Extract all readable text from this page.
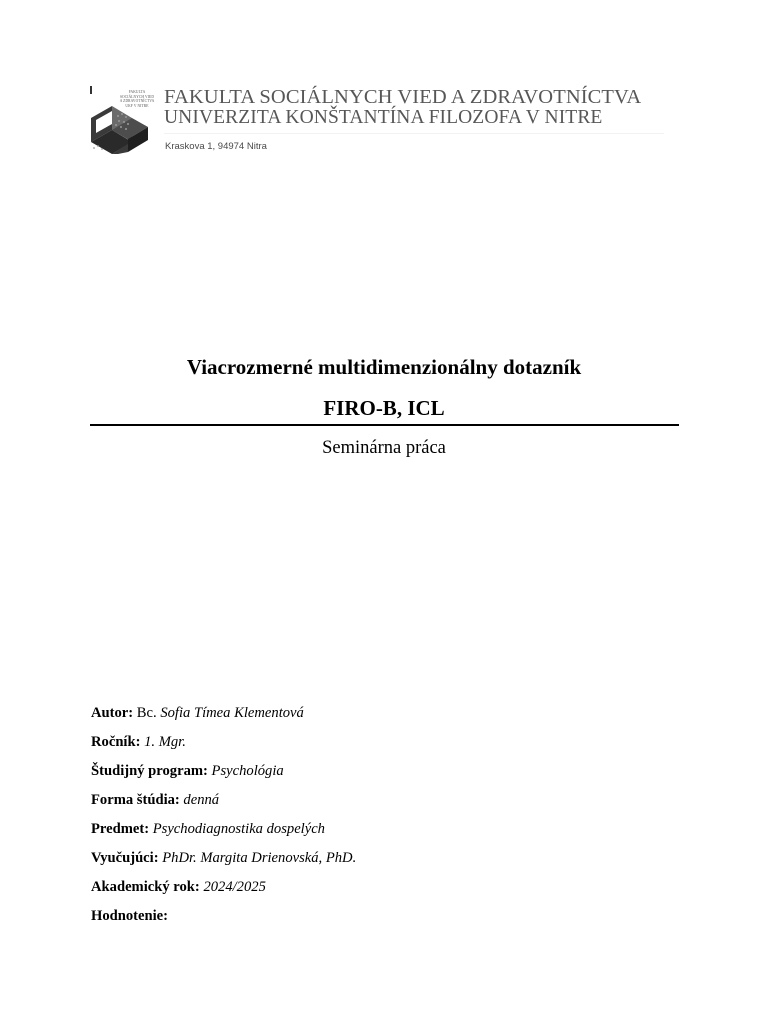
FAKULTA
SOCIÁLNYCH VIED
A ZDRAVOTNÍCTVA
UKF V NITRE FAKULTA SOCIÁLNYCH VIED A ZDRAVOTNÍCTVA
UNIVERZITA KONŠTANTÍNA FILOZOFA V NITRE
Kraskova 1, 94974 Nitra
Viacrozmerné multidimenzionálny dotazník
FIRO-B, ICL
Seminárna práca
Autor: Bc. Sofia Tímea Klementová
Ročník: 1. Mgr.
Študijný program: Psychológia
Forma štúdia: denná
Predmet: Psychodiagnostika dospelých
Vyučujúci: PhDr. Margita Drienovská, PhD.
Akademický rok: 2024/2025
Hodnotenie:
